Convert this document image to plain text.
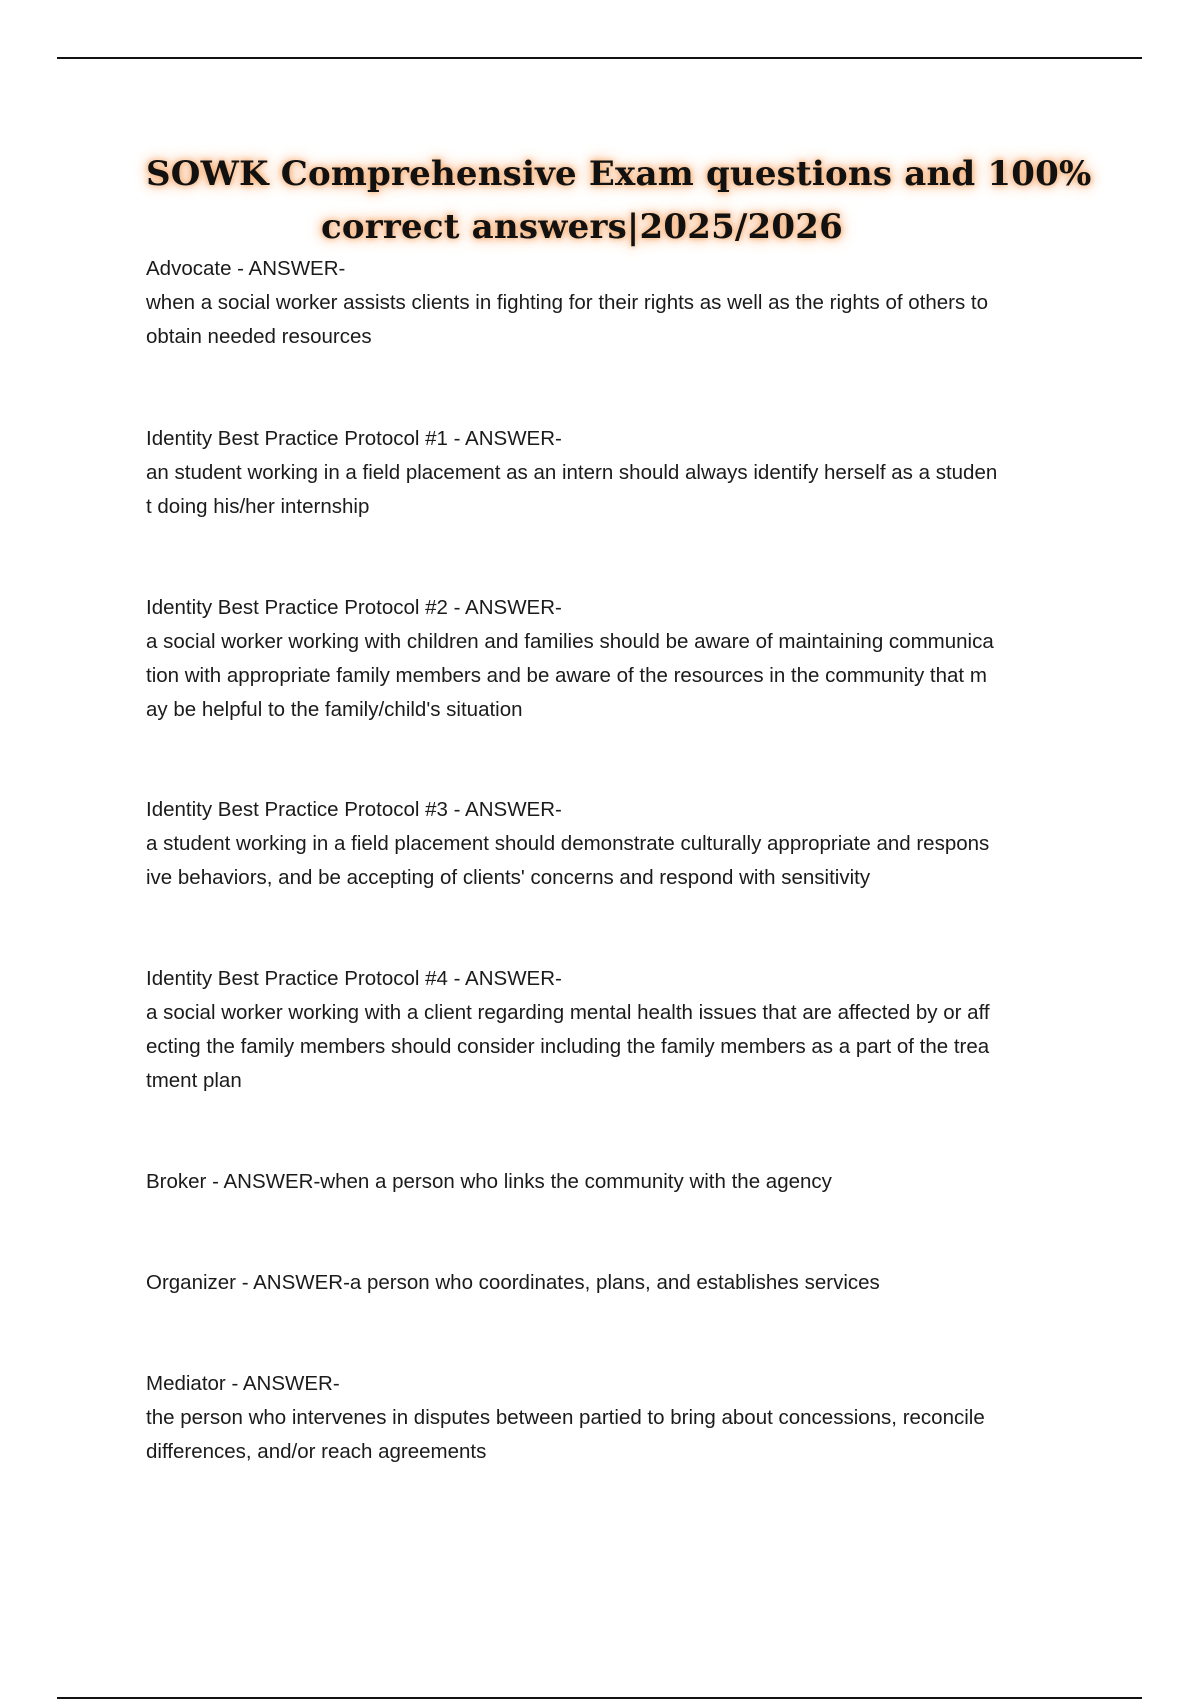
SOWK Comprehensive Exam questions and 100%
correct answers|2025/2026
Advocate - ANSWER-
when a social worker assists clients in fighting for their rights as well as the rights of others to
obtain needed resources
Identity Best Practice Protocol #1 - ANSWER-
an student working in a field placement as an intern should always identify herself as a studen
t doing his/her internship
Identity Best Practice Protocol #2 - ANSWER-
a social worker working with children and families should be aware of maintaining communica
tion with appropriate family members and be aware of the resources in the community that m
ay be helpful to the family/child's situation
Identity Best Practice Protocol #3 - ANSWER-
a student working in a field placement should demonstrate culturally appropriate and respons
ive behaviors, and be accepting of clients' concerns and respond with sensitivity
Identity Best Practice Protocol #4 - ANSWER-
a social worker working with a client regarding mental health issues that are affected by or aff
ecting the family members should consider including the family members as a part of the trea
tment plan
Broker - ANSWER-when a person who links the community with the agency
Organizer - ANSWER-a person who coordinates, plans, and establishes services
Mediator - ANSWER-
the person who intervenes in disputes between partied to bring about concessions, reconcile
differences, and/or reach agreements
